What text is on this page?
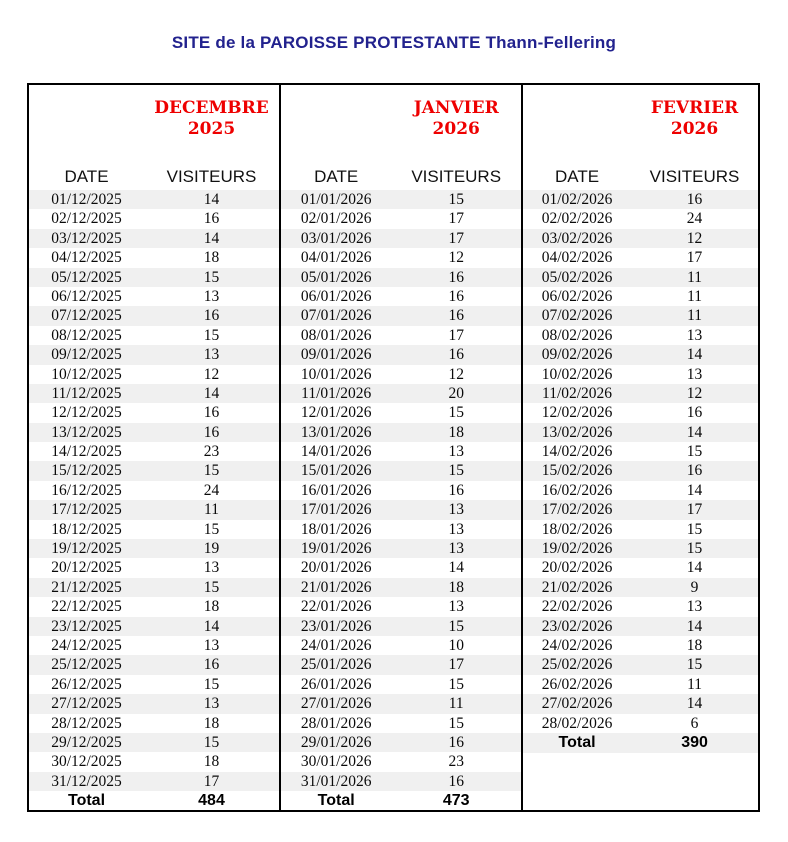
SITE de la PAROISSE PROTESTANTE Thann-Fellering
DECEMBRE
2025
DATE	VISITEURS
01/12/2025	14
02/12/2025	16
03/12/2025	14
04/12/2025	18
05/12/2025	15
06/12/2025	13
07/12/2025	16
08/12/2025	15
09/12/2025	13
10/12/2025	12
11/12/2025	14
12/12/2025	16
13/12/2025	16
14/12/2025	23
15/12/2025	15
16/12/2025	24
17/12/2025	11
18/12/2025	15
19/12/2025	19
20/12/2025	13
21/12/2025	15
22/12/2025	18
23/12/2025	14
24/12/2025	13
25/12/2025	16
26/12/2025	15
27/12/2025	13
28/12/2025	18
29/12/2025	15
30/12/2025	18
31/12/2025	17
Total	484
JANVIER
2026
DATE	VISITEURS
01/01/2026	15
02/01/2026	17
03/01/2026	17
04/01/2026	12
05/01/2026	16
06/01/2026	16
07/01/2026	16
08/01/2026	17
09/01/2026	16
10/01/2026	12
11/01/2026	20
12/01/2026	15
13/01/2026	18
14/01/2026	13
15/01/2026	15
16/01/2026	16
17/01/2026	13
18/01/2026	13
19/01/2026	13
20/01/2026	14
21/01/2026	18
22/01/2026	13
23/01/2026	15
24/01/2026	10
25/01/2026	17
26/01/2026	15
27/01/2026	11
28/01/2026	15
29/01/2026	16
30/01/2026	23
31/01/2026	16
Total	473
FEVRIER
2026
DATE	VISITEURS
01/02/2026	16
02/02/2026	24
03/02/2026	12
04/02/2026	17
05/02/2026	11
06/02/2026	11
07/02/2026	11
08/02/2026	13
09/02/2026	14
10/02/2026	13
11/02/2026	12
12/02/2026	16
13/02/2026	14
14/02/2026	15
15/02/2026	16
16/02/2026	14
17/02/2026	17
18/02/2026	15
19/02/2026	15
20/02/2026	14
21/02/2026	9
22/02/2026	13
23/02/2026	14
24/02/2026	18
25/02/2026	15
26/02/2026	11
27/02/2026	14
28/02/2026	6
Total	390
